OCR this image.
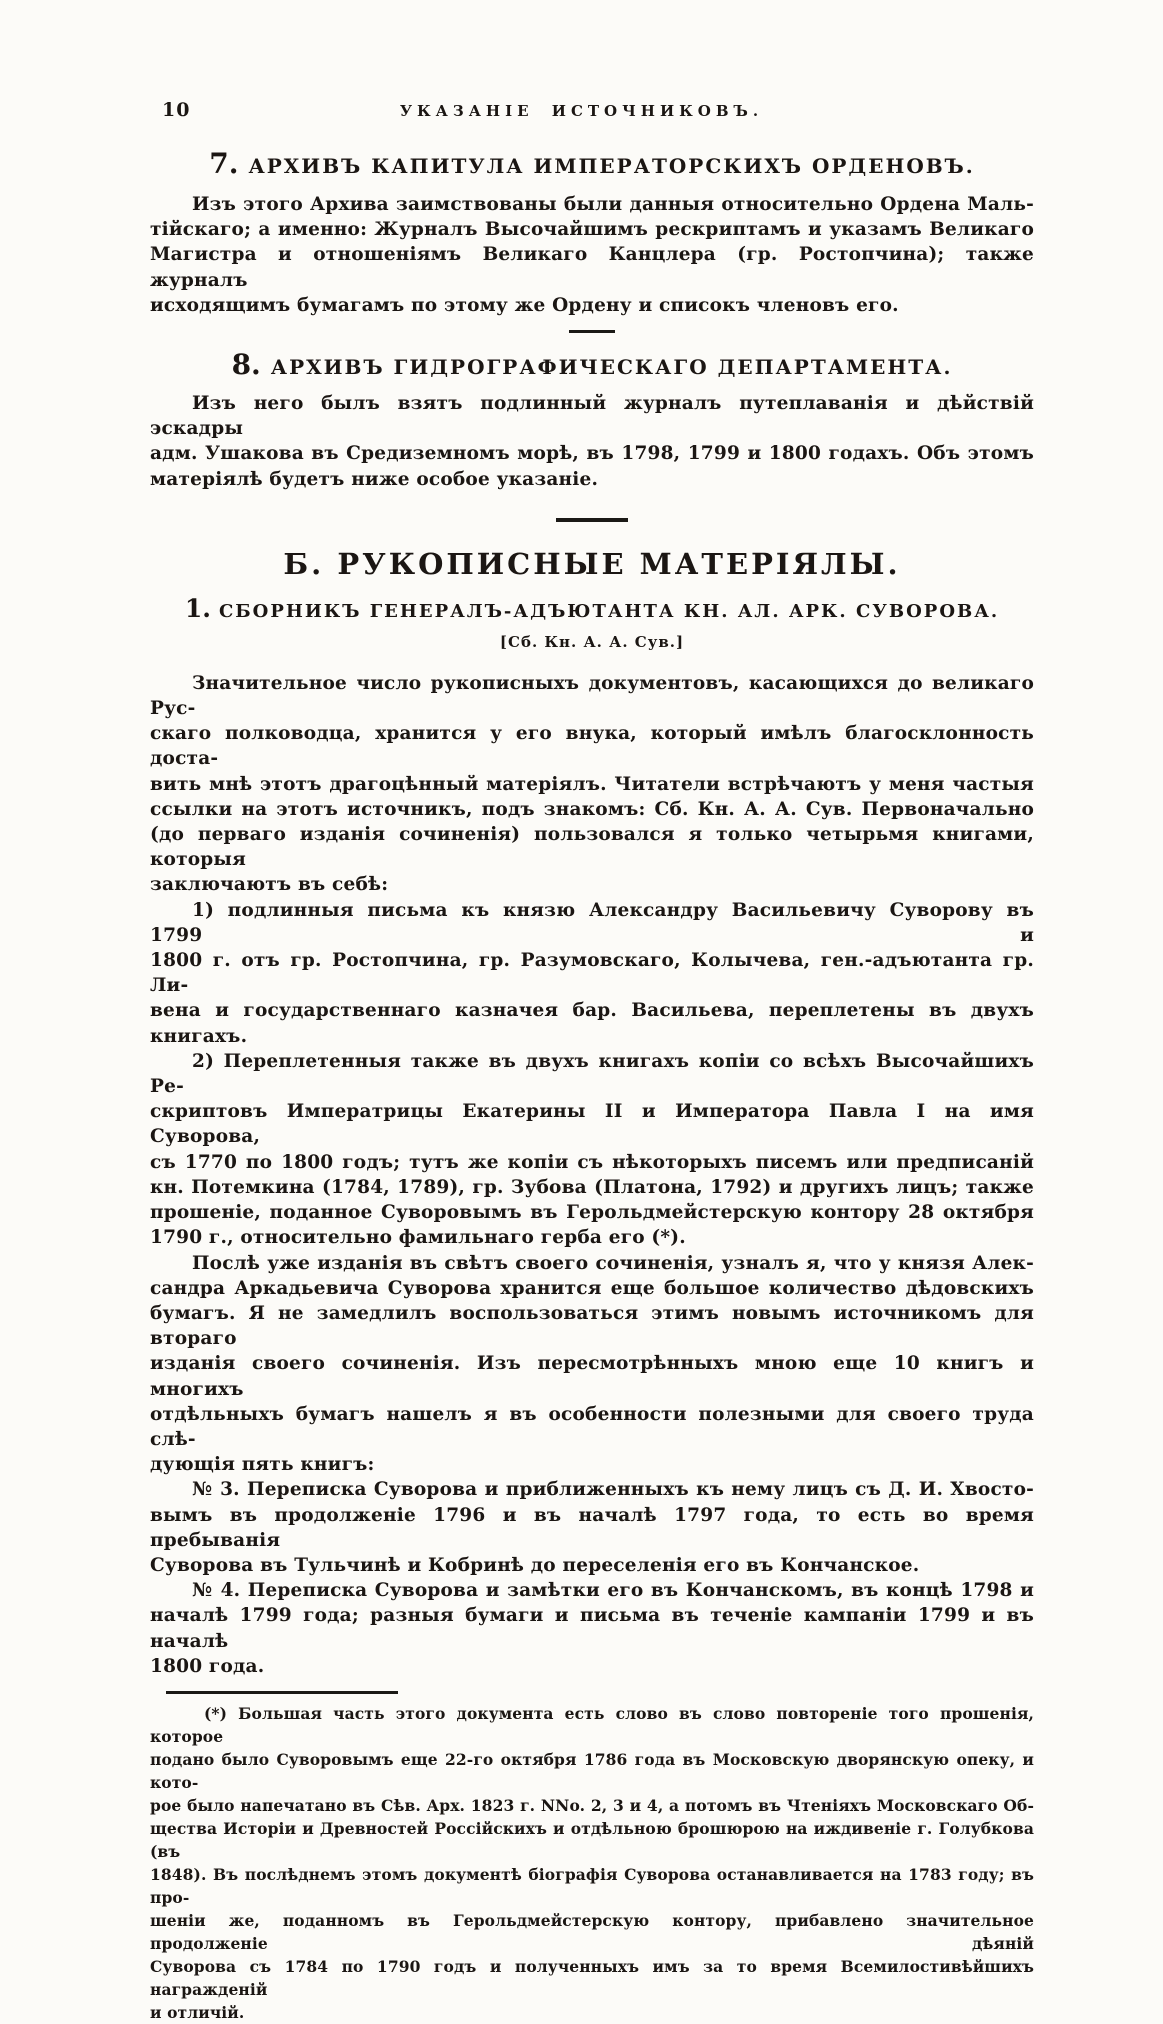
10	УКАЗАНІЕ ИСТОЧНИКОВЪ.
7. АРХИВЪ КАПИТУЛА ИМПЕРАТОРСКИХЪ ОРДЕНОВЪ.
Изъ этого Архива заимствованы были данныя относительно Ордена Маль-
тійскаго; а именно: Журналъ Высочайшимъ рескриптамъ и указамъ Великаго
Магистра и отношеніямъ Великаго Канцлера (гр. Ростопчина); также журналъ
исходящимъ бумагамъ по этому же Ордену и списокъ членовъ его.
8. АРХИВЪ ГИДРОГРАФИЧЕСКАГО ДЕПАРТАМЕНТА.
Изъ него былъ взятъ подлинный журналъ путеплаванія и дѣйствій эскадры
адм. Ушакова въ Средиземномъ морѣ, въ 1798, 1799 и 1800 годахъ. Объ этомъ
матеріялѣ будетъ ниже особое указаніе.
Б. РУКОПИСНЫЕ МАТЕРІЯЛЫ.
1. СБОРНИКЪ ГЕНЕРАЛЪ-АДЪЮТАНТА КН. АЛ. АРК. СУВОРОВА.
[Сб. Кн. А. А. Сув.]
Значительное число рукописныхъ документовъ, касающихся до великаго Рус-
скаго полководца, хранится у его внука, который имѣлъ благосклонность доста-
вить мнѣ этотъ драгоцѣнный матеріялъ. Читатели встрѣчаютъ у меня частыя
ссылки на этотъ источникъ, подъ знакомъ: Сб. Кн. А. А. Сув. Первоначально
(до перваго изданія сочиненія) пользовался я только четырьмя книгами, которыя
заключаютъ въ себѣ:
1) подлинныя письма къ князю Александру Васильевичу Суворову въ 1799 и
1800 г. отъ гр. Ростопчина, гр. Разумовскаго, Колычева, ген.-адъютанта гр. Ли-
вена и государственнаго казначея бар. Васильева, переплетены въ двухъ книгахъ.
2) Переплетенныя также въ двухъ книгахъ копіи со всѣхъ Высочайшихъ Ре-
скриптовъ Императрицы Екатерины II и Императора Павла I на имя Суворова,
съ 1770 по 1800 годъ; тутъ же копіи съ нѣкоторыхъ писемъ или предписаній
кн. Потемкина (1784, 1789), гр. Зубова (Платона, 1792) и другихъ лицъ; также
прошеніе, поданное Суворовымъ въ Герольдмейстерскую контору 28 октября
1790 г., относительно фамильнаго герба его (*).
Послѣ уже изданія въ свѣтъ своего сочиненія, узналъ я, что у князя Алек-
сандра Аркадьевича Суворова хранится еще большое количество дѣдовскихъ
бумагъ. Я не замедлилъ воспользоваться этимъ новымъ источникомъ для втораго
изданія своего сочиненія. Изъ пересмотрѣнныхъ мною еще 10 книгъ и многихъ
отдѣльныхъ бумагъ нашелъ я въ особенности полезными для своего труда слѣ-
дующія пять книгъ:
№ 3. Переписка Суворова и приближенныхъ къ нему лицъ съ Д. И. Хвосто-
вымъ въ продолженіе 1796 и въ началѣ 1797 года, то есть во время пребыванія
Суворова въ Тульчинѣ и Кобринѣ до переселенія его въ Кончанское.
№ 4. Переписка Суворова и замѣтки его въ Кончанскомъ, въ концѣ 1798 и
началѣ 1799 года; разныя бумаги и письма въ теченіе кампаніи 1799 и въ началѣ
1800 года.
(*) Большая часть этого документа есть слово въ слово повтореніе того прошенія, которое
подано было Суворовымъ еще 22-го октября 1786 года въ Московскую дворянскую опеку, и кото-
рое было напечатано въ Сѣв. Арх. 1823 г. NNo. 2, 3 и 4, а потомъ въ Чтеніяхъ Московскаго Об-
щества Исторіи и Древностей Россійскихъ и отдѣльною брошюрою на иждивеніе г. Голубкова (въ
1848). Въ послѣднемъ этомъ документѣ біографія Суворова останавливается на 1783 году; въ про-
шеніи же, поданномъ въ Герольдмейстерскую контору, прибавлено значительное продолженіе дѣяній
Суворова съ 1784 по 1790 годъ и полученныхъ имъ за то время Всемилостивѣйшихъ награжденій
и отличій.
